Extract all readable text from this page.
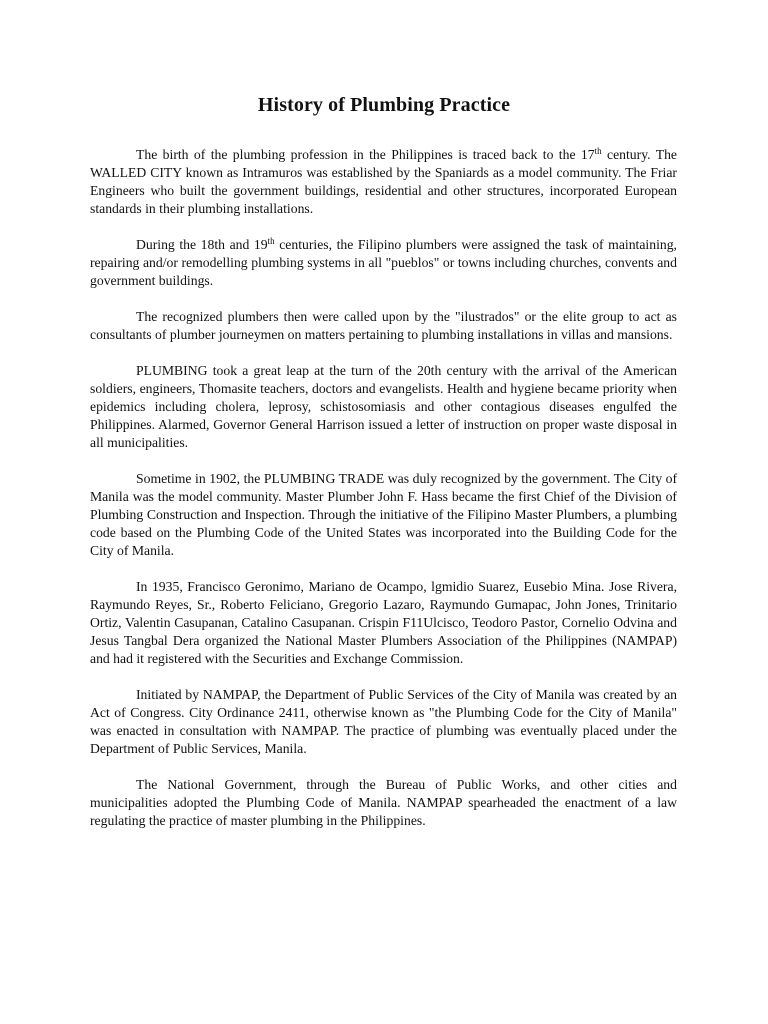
History of Plumbing Practice

The birth of the plumbing profession in the Philippines is traced back to the 17th century. The WALLED CITY known as Intramuros was established by the Spaniards as a model community. The Friar Engineers who built the government buildings, residential and other structures, incorporated European standards in their plumbing installations.

During the 18th and 19th centuries, the Filipino plumbers were assigned the task of maintaining, repairing and/or remodelling plumbing systems in all "pueblos" or towns including churches, convents and government buildings.

The recognized plumbers then were called upon by the "ilustrados" or the elite group to act as consultants of plumber journeymen on matters pertaining to plumbing installations in villas and mansions.

PLUMBING took a great leap at the turn of the 20th century with the arrival of the American soldiers, engineers, Thomasite teachers, doctors and evangelists. Health and hygiene became priority when epidemics including cholera, leprosy, schistosomiasis and other contagious diseases engulfed the Philippines. Alarmed, Governor General Harrison issued a letter of instruction on proper waste disposal in all municipalities.

Sometime in 1902, the PLUMBING TRADE was duly recognized by the government. The City of Manila was the model community. Master Plumber John F. Hass became the first Chief of the Division of Plumbing Construction and Inspection. Through the initiative of the Filipino Master Plumbers, a plumbing code based on the Plumbing Code of the United States was incorporated into the Building Code for the City of Manila.

In 1935, Francisco Geronimo, Mariano de Ocampo, lgmidio Suarez, Eusebio Mina. Jose Rivera, Raymundo Reyes, Sr., Roberto Feliciano, Gregorio Lazaro, Raymundo Gumapac, John Jones, Trinitario Ortiz, Valentin Casupanan, Catalino Casupanan. Crispin F11Ulcisco, Teodoro Pastor, Cornelio Odvina and Jesus Tangbal Dera organized the National Master Plumbers Association of the Philippines (NAMPAP) and had it registered with the Securities and Exchange Commission.

Initiated by NAMPAP, the Department of Public Services of the City of Manila was created by an Act of Congress. City Ordinance 2411, otherwise known as "the Plumbing Code for the City of Manila" was enacted in consultation with NAMPAP. The practice of plumbing was eventually placed under the Department of Public Services, Manila.

The National Government, through the Bureau of Public Works, and other cities and municipalities adopted the Plumbing Code of Manila. NAMPAP spearheaded the enactment of a law regulating the practice of master plumbing in the Philippines.
